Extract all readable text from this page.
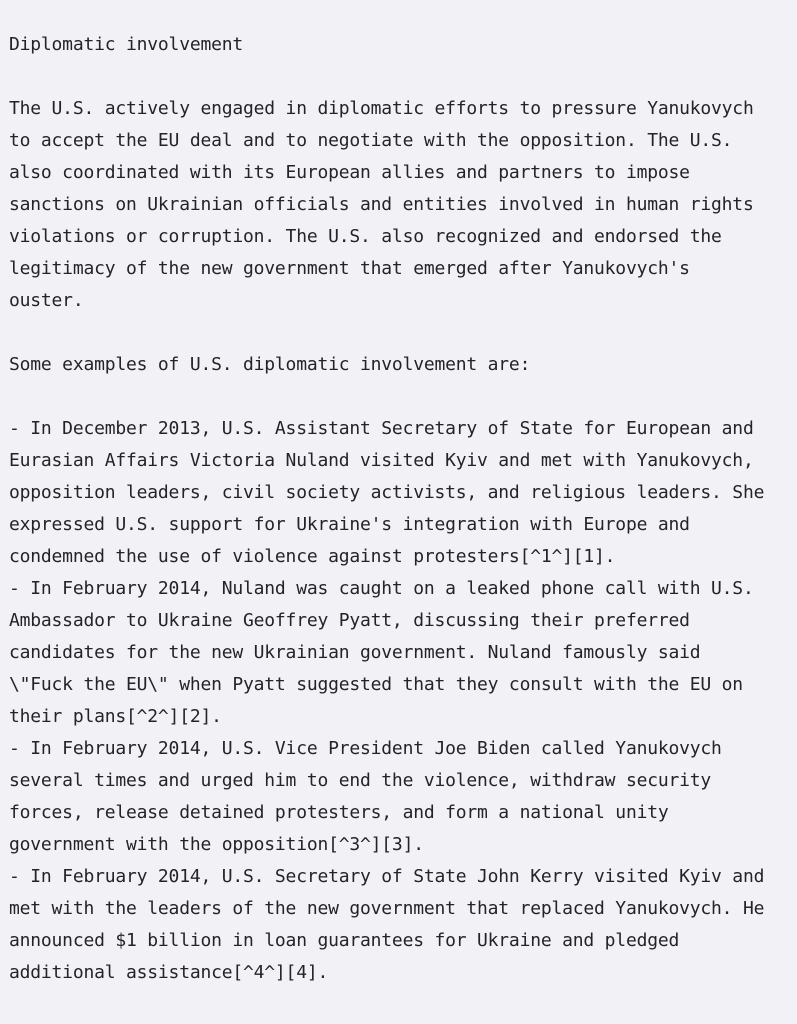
Diplomatic involvement
The U.S. actively engaged in diplomatic efforts to pressure Yanukovych
to accept the EU deal and to negotiate with the opposition. The U.S.
also coordinated with its European allies and partners to impose
sanctions on Ukrainian officials and entities involved in human rights
violations or corruption. The U.S. also recognized and endorsed the
legitimacy of the new government that emerged after Yanukovych's
ouster.
Some examples of U.S. diplomatic involvement are:
- In December 2013, U.S. Assistant Secretary of State for European and
Eurasian Affairs Victoria Nuland visited Kyiv and met with Yanukovych,
opposition leaders, civil society activists, and religious leaders. She
expressed U.S. support for Ukraine's integration with Europe and
condemned the use of violence against protesters[^1^][1].
- In February 2014, Nuland was caught on a leaked phone call with U.S.
Ambassador to Ukraine Geoffrey Pyatt, discussing their preferred
candidates for the new Ukrainian government. Nuland famously said
\"Fuck the EU\" when Pyatt suggested that they consult with the EU on
their plans[^2^][2].
- In February 2014, U.S. Vice President Joe Biden called Yanukovych
several times and urged him to end the violence, withdraw security
forces, release detained protesters, and form a national unity
government with the opposition[^3^][3].
- In February 2014, U.S. Secretary of State John Kerry visited Kyiv and
met with the leaders of the new government that replaced Yanukovych. He
announced $1 billion in loan guarantees for Ukraine and pledged
additional assistance[^4^][4].
